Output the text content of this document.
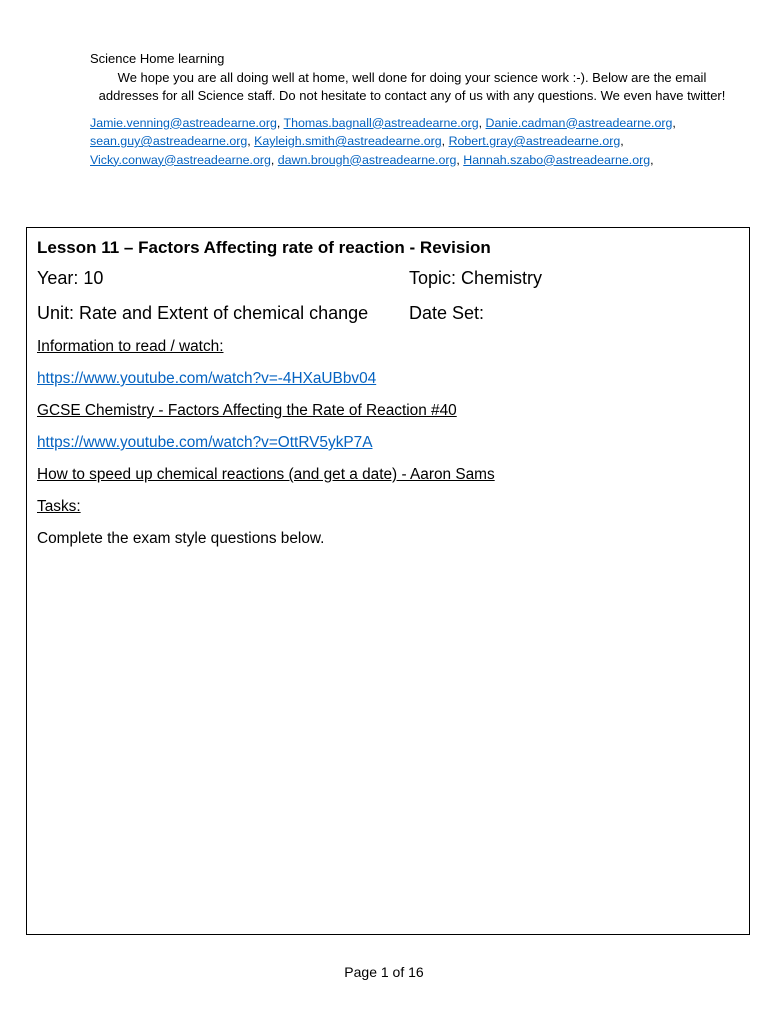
Science Home learning
We hope you are all doing well at home, well done for doing your science work :-). Below are the email addresses for all Science staff. Do not hesitate to contact any of us with any questions. We even have twitter!
Jamie.venning@astreadearne.org, Thomas.bagnall@astreadearne.org, Danie.cadman@astreadearne.org,
sean.guy@astreadearne.org, Kayleigh.smith@astreadearne.org, Robert.gray@astreadearne.org,
Vicky.conway@astreadearne.org, dawn.brough@astreadearne.org, Hannah.szabo@astreadearne.org,
Lesson 11 – Factors Affecting rate of reaction - Revision
Year: 10	Topic: Chemistry
Unit: Rate and Extent of chemical change	Date Set:
Information to read / watch:
https://www.youtube.com/watch?v=-4HXaUBbv04
GCSE Chemistry - Factors Affecting the Rate of Reaction #40
https://www.youtube.com/watch?v=OttRV5ykP7A
How to speed up chemical reactions (and get a date) - Aaron Sams
Tasks:
Complete the exam style questions below.
Page 1 of 16
